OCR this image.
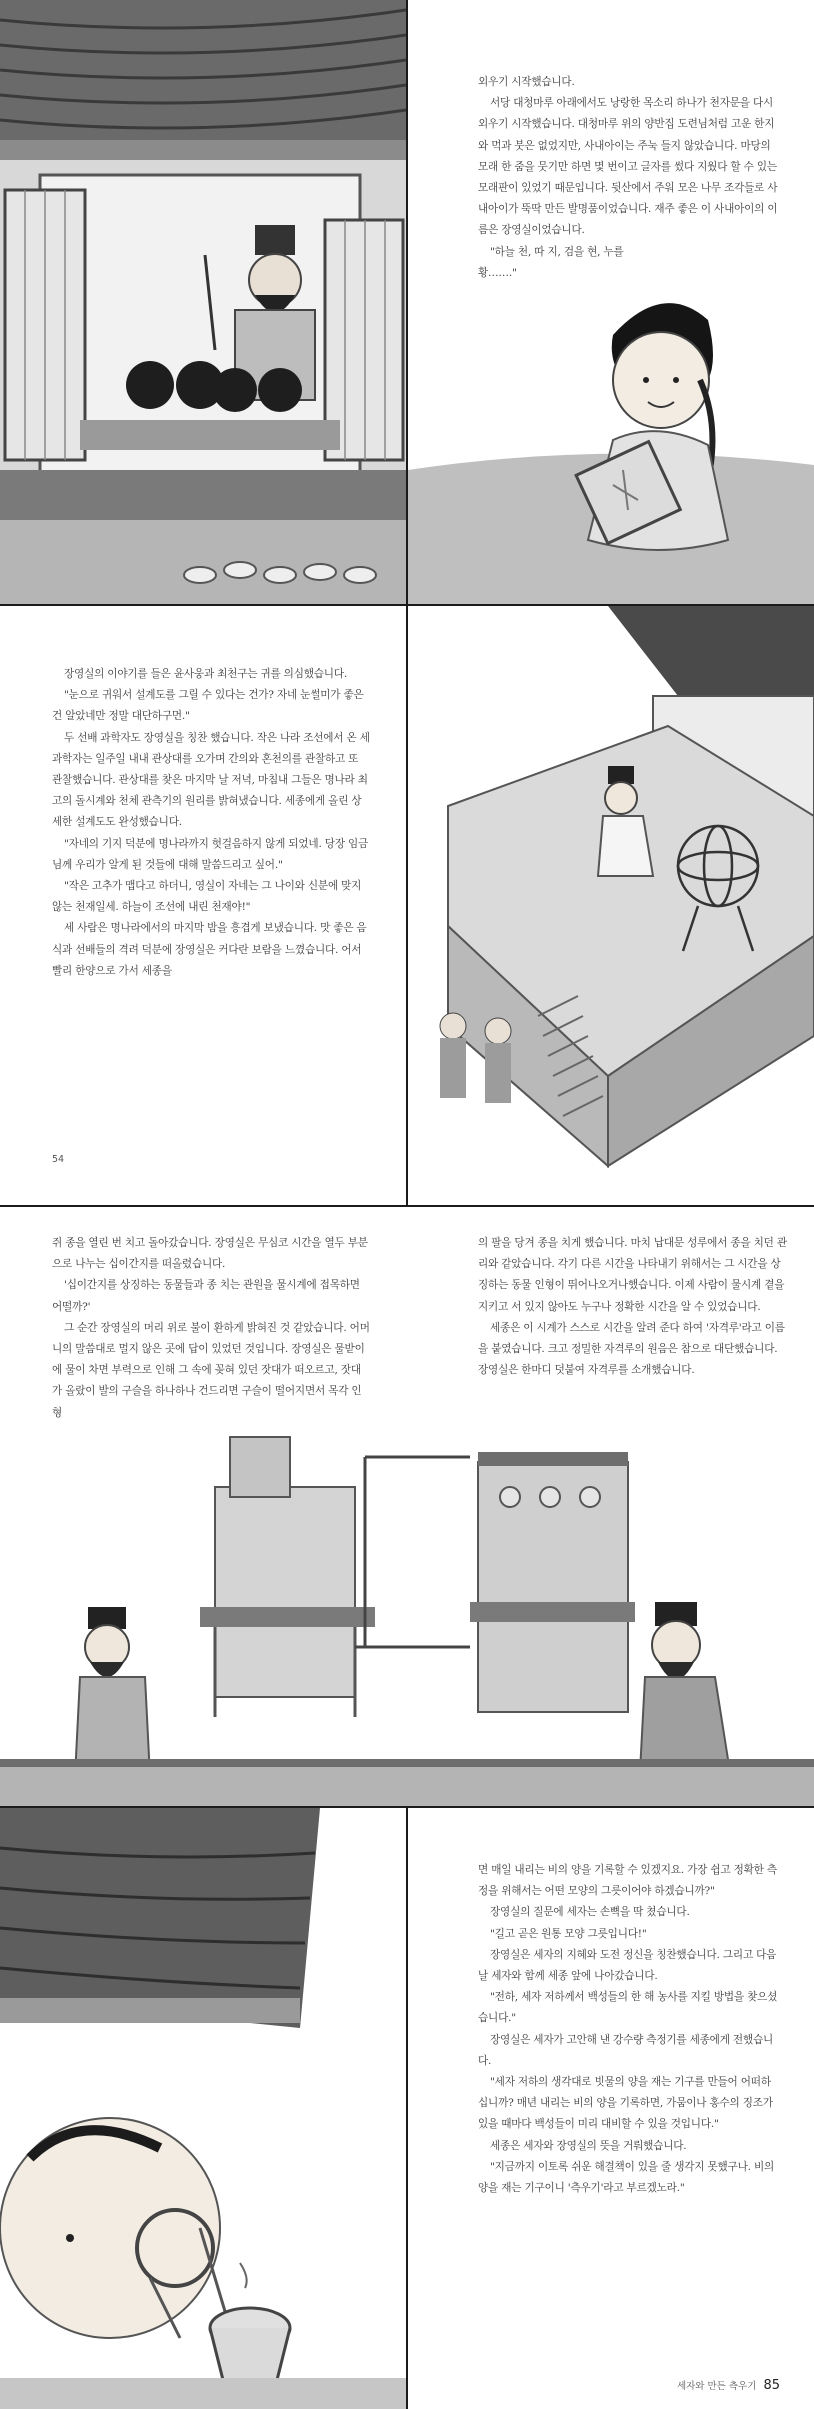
외우기 시작했습니다.

서당 대청마루 아래에서도 낭랑한 목소리 하나가 천자문을 다시 외우기 시작했습니다. 대청마루 위의 양반집 도련님처럼 고운 한지와 먹과 붓은 없었지만, 사내아이는 주눅 들지 않았습니다. 마당의 모래 한 줌을 뭇기만 하면 몇 번이고 글자를 썼다 지웠다 할 수 있는 모래판이 있었기 때문입니다. 뒷산에서 주워 모은 나무 조각들로 사내아이가 뚝딱 만든 발명품이었습니다. 재주 좋은 이 사내아이의 이름은 장영실이었습니다.

"하늘 천, 따 지, 검을 현, 누를 황……."

장영실의 이야기를 들은 윤사웅과 최천구는 귀를 의심했습니다.

"눈으로 귀워서 설계도를 그릴 수 있다는 건가? 자네 눈썰미가 좋은 건 알았네만 정말 대단하구먼."

두 선배 과학자도 장영실을 칭찬 했습니다. 작은 나라 조선에서 온 세 과학자는 일주일 내내 관상대를 오가며 간의와 혼천의를 관찰하고 또 관찰했습니다. 관상대를 찾은 마지막 날 저녁, 마침내 그들은 명나라 최고의 돌시계와 천체 관측기의 원리를 밝혀냈습니다. 세종에게 올린 상세한 설계도도 완성했습니다.

"자네의 기지 덕분에 명나라까지 헛걸음하지 않게 되었네. 당장 임금님께 우리가 알게 된 것들에 대해 말씀드리고 싶어."

"작은 고추가 맵다고 하더니, 영실이 자네는 그 나이와 신분에 맞지 않는 천재일세. 하늘이 조선에 내린 천재야!"

세 사람은 명나라에서의 마지막 밤을 흥겹게 보냈습니다. 맛 좋은 음식과 선배들의 격려 덕분에 장영실은 커다란 보람을 느꼈습니다. 어서 빨리 한양으로 가서 세종을

54

쥐 종을 열린 번 치고 돌아갔습니다. 장영실은 무심코 시간을 열두 부분으로 나누는 십이간지를 떠올렸습니다.

'십이간지를 상징하는 동물들과 종 치는 관원을 물시계에 접목하면 어떨까?'

그 순간 장영실의 머리 위로 불이 환하게 밝혀진 것 같았습니다. 어머니의 말씀대로 멀지 않은 곳에 답이 있었던 것입니다. 장영실은 물받이에 물이 차면 부력으로 인해 그 속에 꽂혀 있던 잣대가 떠오르고, 잣대가 올랐이 발의 구슬을 하나하나 건드리면 구슬이 떨어지면서 목각 인형

의 팔을 당겨 종을 치게 했습니다. 마치 납대문 성루에서 종을 치던 관리와 같았습니다. 각기 다른 시간을 나타내기 위해서는 그 시간을 상징하는 동물 인형이 뛰어나오거나했습니다. 이제 사람이 물시계 곁을 지키고 서 있지 않아도 누구나 정확한 시간을 알 수 있었습니다.

세종은 이 시계가 스스로 시간을 알려 준다 하여 '자격루'라고 이름을 붙였습니다. 크고 정밀한 자격루의 원음은 참으로 대단했습니다. 장영실은 한마디 덧붙여 자격루를 소개했습니다.

면 매일 내리는 비의 양을 기록할 수 있겠지요. 가장 쉽고 정확한 측정을 위해서는 어떤 모양의 그릇이어야 하겠습니까?"

장영실의 질문에 세자는 손뼉을 딱 쳤습니다.

"길고 곧은 원통 모양 그릇입니다!"

장영실은 세자의 지혜와 도전 정신을 칭찬했습니다. 그리고 다음 날 세자와 함께 세종 앞에 나아갔습니다.

"전하, 세자 저하께서 백성들의 한 해 농사를 지킬 방법을 찾으셨습니다."

장영실은 세자가 고안해 낸 강수량 측정기를 세종에게 전했습니다.

"세자 저하의 생각대로 빗물의 양을 재는 기구를 만들어 어떠하십니까? 매년 내리는 비의 양을 기록하면, 가뭄이나 홍수의 징조가 있을 때마다 백성들이 미리 대비할 수 있을 것입니다."

세종은 세자와 장영실의 뜻을 거뤄했습니다.

"지금까지 이토록 쉬운 해결책이 있을 줄 생각지 못했구나. 비의 양을 재는 기구이니 '측우기'라고 부르겠노라."

세자와 만든 측우기 85
